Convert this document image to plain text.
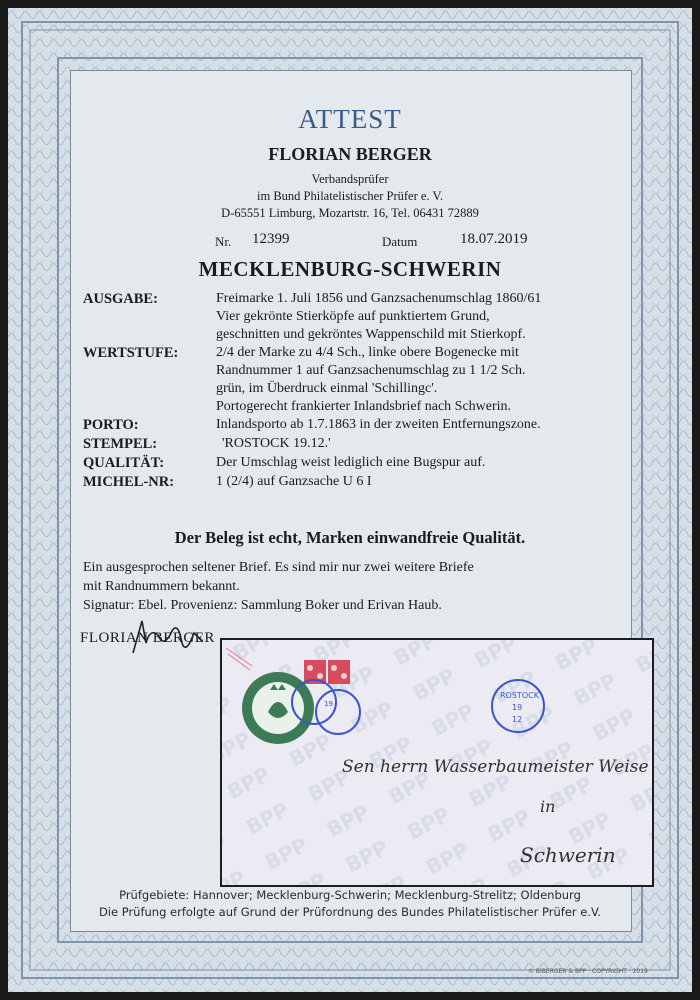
ATTEST
FLORIAN BERGER
Verbandsprüfer
im Bund Philatelistischer Prüfer e. V.
D-65551 Limburg, Mozartstr. 16, Tel. 06431 72889
Nr. 12399	Datum	18.07.2019
MECKLENBURG-SCHWERIN
AUSGABE:	Freimarke 1. Juli 1856 und Ganzsachenumschlag 1860/61
Vier gekrönte Stierköpfe auf punktiertem Grund,
geschnitten und gekröntes Wappenschild mit Stierkopf.
WERTSTUFE:	2/4 der Marke zu 4/4 Sch., linke obere Bogenecke mit
Randnummer 1 auf Ganzsachenumschlag zu 1 1/2 Sch.
grün, im Überdruck einmal 'Schillingc'.
Portogerecht frankierter Inlandsbrief nach Schwerin.
PORTO:	Inlandsporto ab 1.7.1863 in der zweiten Entfernungszone.
STEMPEL:	'ROSTOCK 19.12.'
QUALITÄT:	Der Umschlag weist lediglich eine Bugspur auf.
MICHEL-NR:	1 (2/4) auf Ganzsache U 6 I
Der Beleg ist echt, Marken einwandfreie Qualität.
Ein ausgesprochen seltener Brief. Es sind mir nur zwei weitere Briefe
mit Randnummern bekannt.
Signatur: Ebel. Provenienz: Sammlung Boker und Erivan Haub.
FLORIAN BERGER
19
ROSTOCK
19
12
Sen herrn Wasserbaumeister Weise
in
Schwerin
Prüfgebiete: Hannover; Mecklenburg-Schwerin; Mecklenburg-Strelitz; Oldenburg
Die Prüfung erfolgte auf Grund der Prüfordnung des Bundes Philatelistischer Prüfer e.V.
© BIBERGER & BPP · COPYRIGHT · 2019
